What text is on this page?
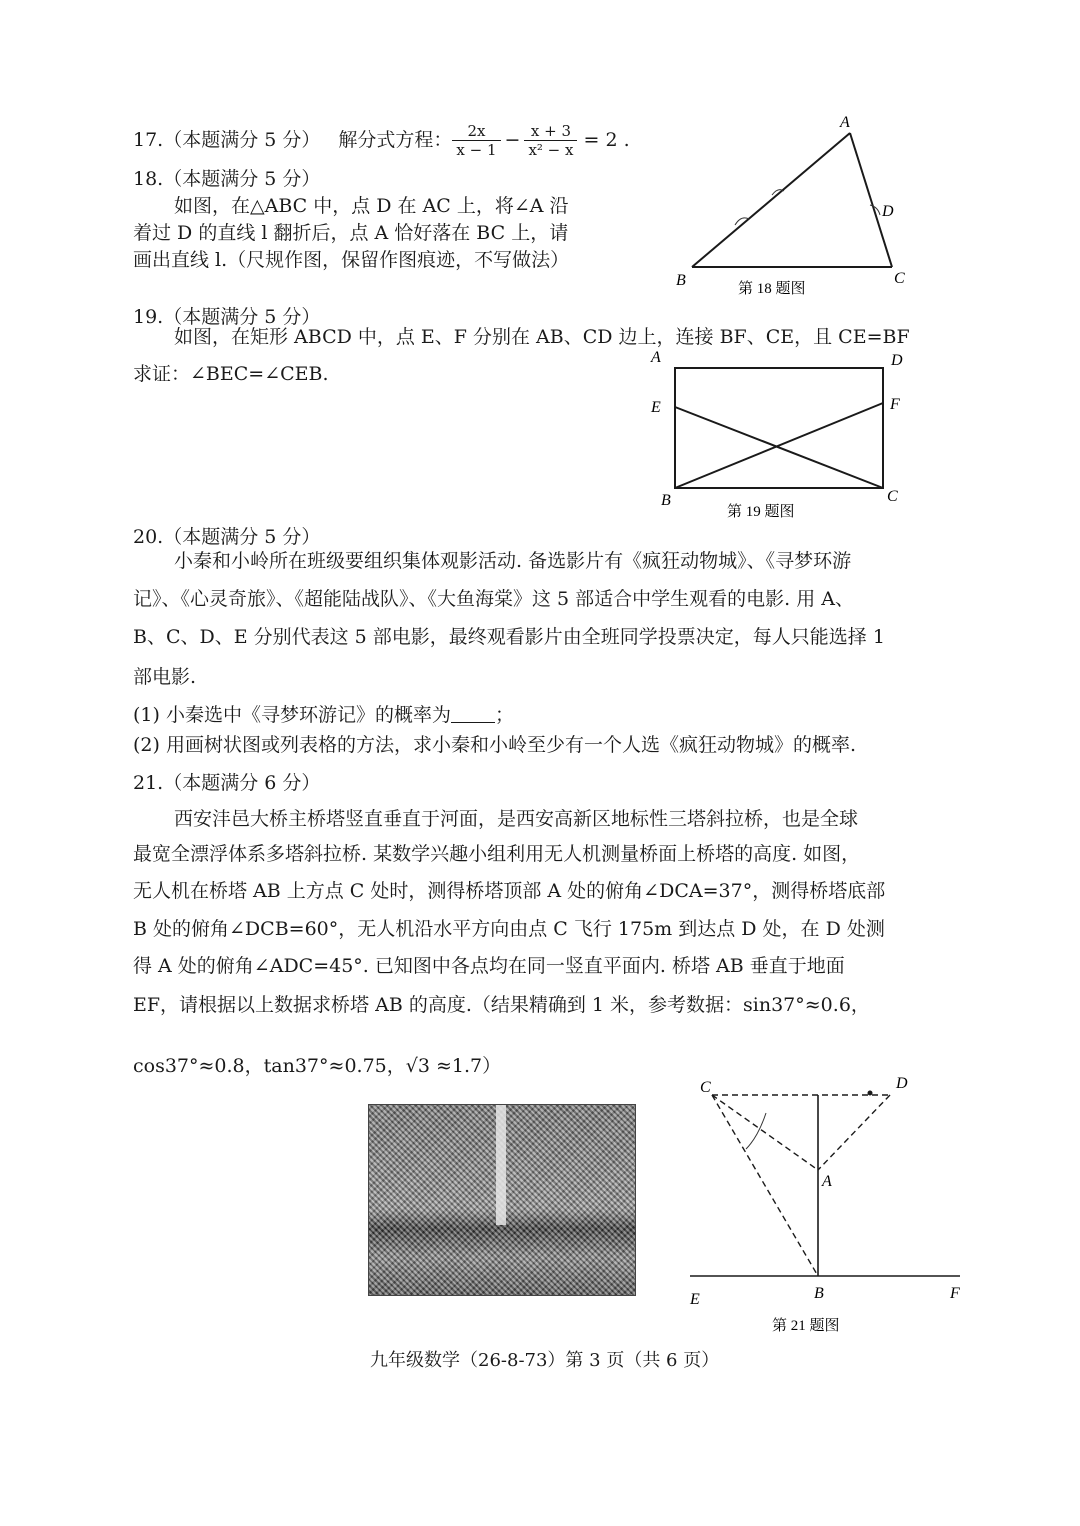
17.（本题满分 5 分） 解分式方程： $\frac{2x}{x - 1} - \frac{x + 3}{\text{x² − x}} = 2$ .
18.（本题满分 5 分）
如图，在△ABC 中，点 D 在 AC 上，将∠A 沿
着过 D 的直线 l 翻折后，点 A 恰好落在 BC 上，请
画出直线 l.（尺规作图，保留作图痕迹，不写做法）
A
B	C
D
第 18 题图
19.（本题满分 5 分）
如图，在矩形 ABCD 中，点 E、F 分别在 AB、CD 边上，连接 BF、CE，且 CE=BF
求证：∠BEC=∠CEB.
A	D
E	F
B	C
第 19 题图
20.（本题满分 5 分）
小秦和小岭所在班级要组织集体观影活动. 备选影片有《疯狂动物城》、《寻梦环游
记》、《心灵奇旅》、《超能陆战队》、《大鱼海棠》这 5 部适合中学生观看的电影. 用 A、
B、C、D、E 分别代表这 5 部电影，最终观看影片由全班同学投票决定，每人只能选择 1
部电影.
(1) 小秦选中《寻梦环游记》的概率为 ；
(2) 用画树状图或列表格的方法，求小秦和小岭至少有一个人选《疯狂动物城》的概率.
21.（本题满分 6 分）
西安沣邑大桥主桥塔竖直垂直于河面，是西安高新区地标性三塔斜拉桥，也是全球
最宽全漂浮体系多塔斜拉桥. 某数学兴趣小组利用无人机测量桥面上桥塔的高度. 如图，
无人机在桥塔 AB 上方点 C 处时，测得桥塔顶部 A 处的俯角∠DCA=37°，测得桥塔底部
B 处的俯角∠DCB=60°，无人机沿水平方向由点 C 飞行 175m 到达点 D 处，在 D 处测
得 A 处的俯角∠ADC=45°. 已知图中各点均在同一竖直平面内. 桥塔 AB 垂直于地面
EF，请根据以上数据求桥塔 AB 的高度.（结果精确到 1 米，参考数据：sin37°≈0.6，
cos37°≈0.8，tan37°≈0.75，√3 ≈1.7）
C	D
A
B
E	F
第 21 题图
九年级数学（26-8-73）第 3 页（共 6 页）
